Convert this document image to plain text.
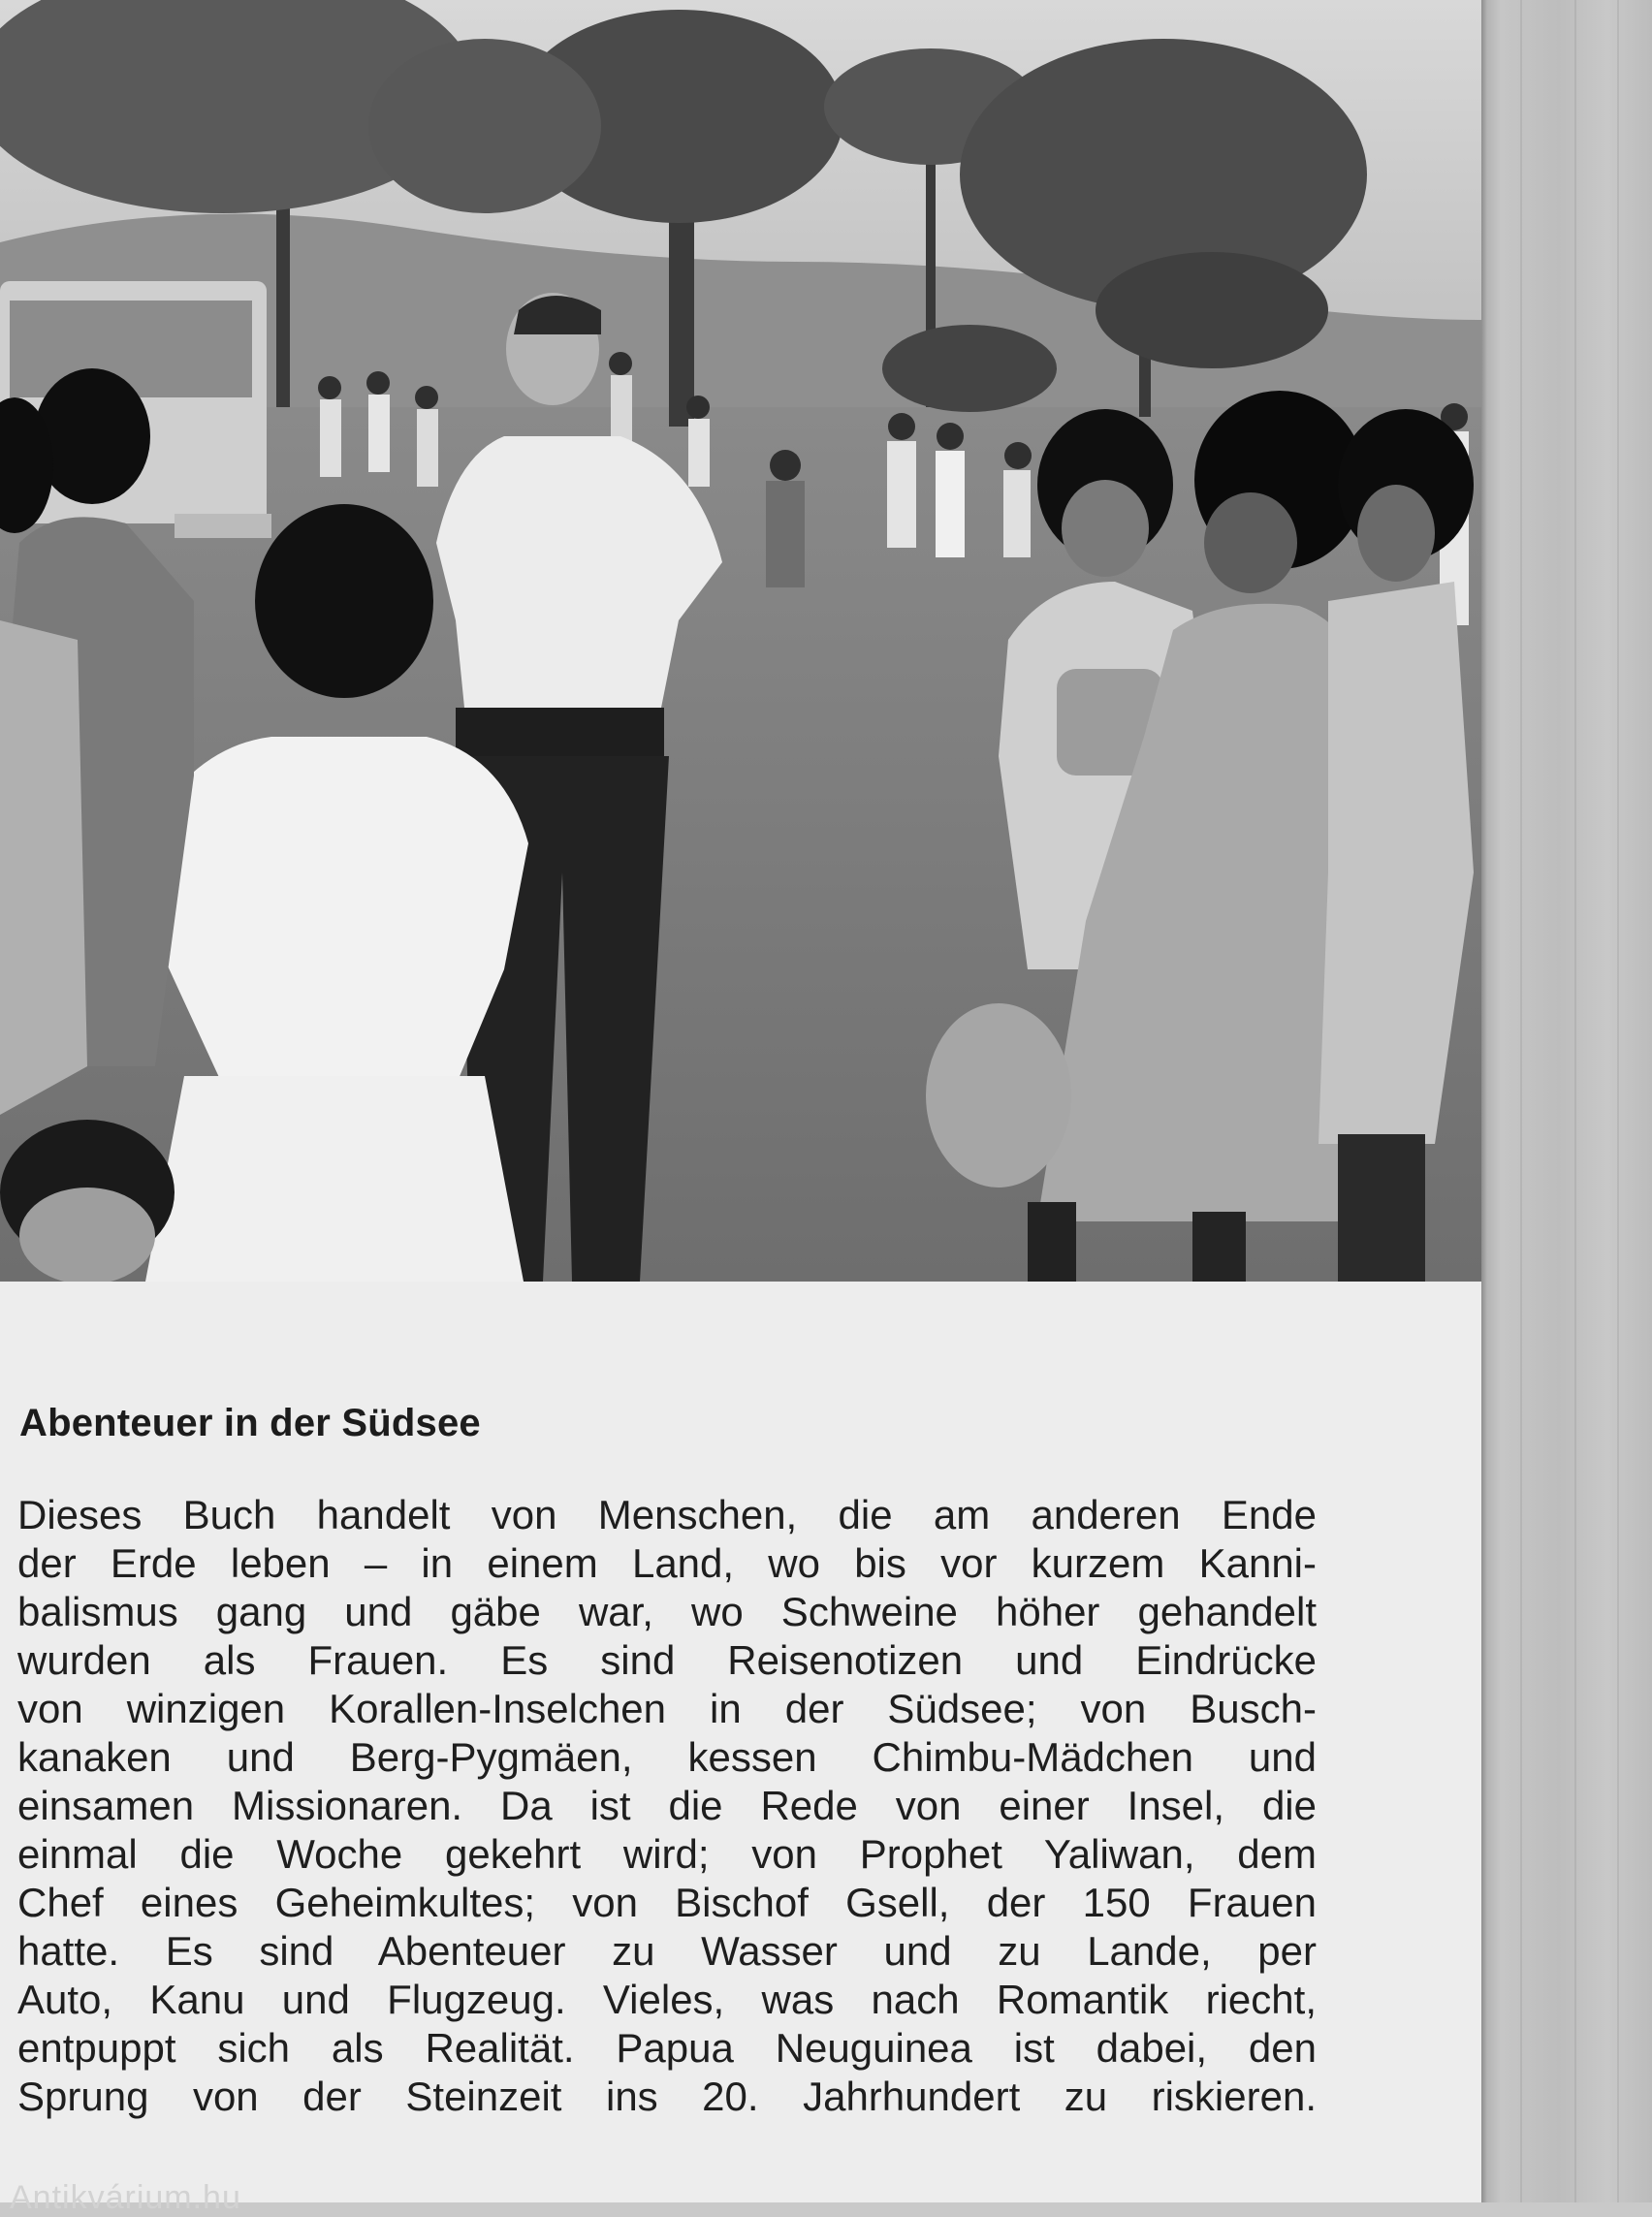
Abenteuer in der Südsee
Dieses Buch handelt von Menschen, die am anderen Ende
der Erde leben – in einem Land, wo bis vor kurzem Kanni-
balismus gang und gäbe war, wo Schweine höher gehandelt
wurden als Frauen. Es sind Reisenotizen und Eindrücke
von winzigen Korallen-Inselchen in der Südsee; von Busch-
kanaken und Berg-Pygmäen, kessen Chimbu-Mädchen und
einsamen Missionaren. Da ist die Rede von einer Insel, die
einmal die Woche gekehrt wird; von Prophet Yaliwan, dem
Chef eines Geheimkultes; von Bischof Gsell, der 150 Frauen
hatte. Es sind Abenteuer zu Wasser und zu Lande, per
Auto, Kanu und Flugzeug. Vieles, was nach Romantik riecht,
entpuppt sich als Realität. Papua Neuguinea ist dabei, den
Sprung von der Steinzeit ins 20. Jahrhundert zu riskieren.
Antikvárium.hu
